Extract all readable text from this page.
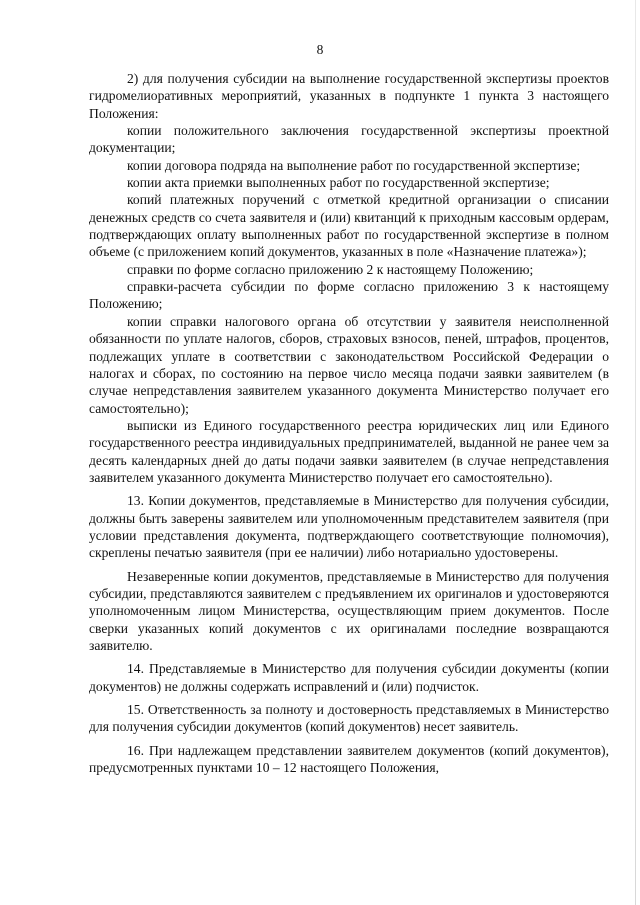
8

2) для получения субсидии на выполнение государственной экспертизы проектов гидромелиоративных мероприятий, указанных в подпункте 1 пункта 3 настоящего Положения:

копии положительного заключения государственной экспертизы проектной документации;

копии договора подряда на выполнение работ по государственной экспертизе;

копии акта приемки выполненных работ по государственной экспертизе;

копий платежных поручений с отметкой кредитной организации о списании денежных средств со счета заявителя и (или) квитанций к приходным кассовым ордерам, подтверждающих оплату выполненных работ по государственной экспертизе в полном объеме (с приложением копий документов, указанных в поле «Назначение платежа»);

справки по форме согласно приложению 2 к настоящему Положению;

справки-расчета субсидии по форме согласно приложению 3 к настоящему Положению;

копии справки налогового органа об отсутствии у заявителя неисполненной обязанности по уплате налогов, сборов, страховых взносов, пеней, штрафов, процентов, подлежащих уплате в соответствии с законодательством Российской Федерации о налогах и сборах, по состоянию на первое число месяца подачи заявки заявителем (в случае непредставления заявителем указанного документа Министерство получает его самостоятельно);

выписки из Единого государственного реестра юридических лиц или Единого государственного реестра индивидуальных предпринимателей, выданной не ранее чем за десять календарных дней до даты подачи заявки заявителем (в случае непредставления заявителем указанного документа Министерство получает его самостоятельно).

13. Копии документов, представляемые в Министерство для получения субсидии, должны быть заверены заявителем или уполномоченным представителем заявителя (при условии представления документа, подтверждающего соответствующие полномочия), скреплены печатью заявителя (при ее наличии) либо нотариально удостоверены.

Незаверенные копии документов, представляемые в Министерство для получения субсидии, представляются заявителем с предъявлением их оригиналов и удостоверяются уполномоченным лицом Министерства, осуществляющим прием документов. После сверки указанных копий документов с их оригиналами последние возвращаются заявителю.

14. Представляемые в Министерство для получения субсидии документы (копии документов) не должны содержать исправлений и (или) подчисток.

15. Ответственность за полноту и достоверность представляемых в Министерство для получения субсидии документов (копий документов) несет заявитель.

16. При надлежащем представлении заявителем документов (копий документов), предусмотренных пунктами 10 – 12 настоящего Положения,
